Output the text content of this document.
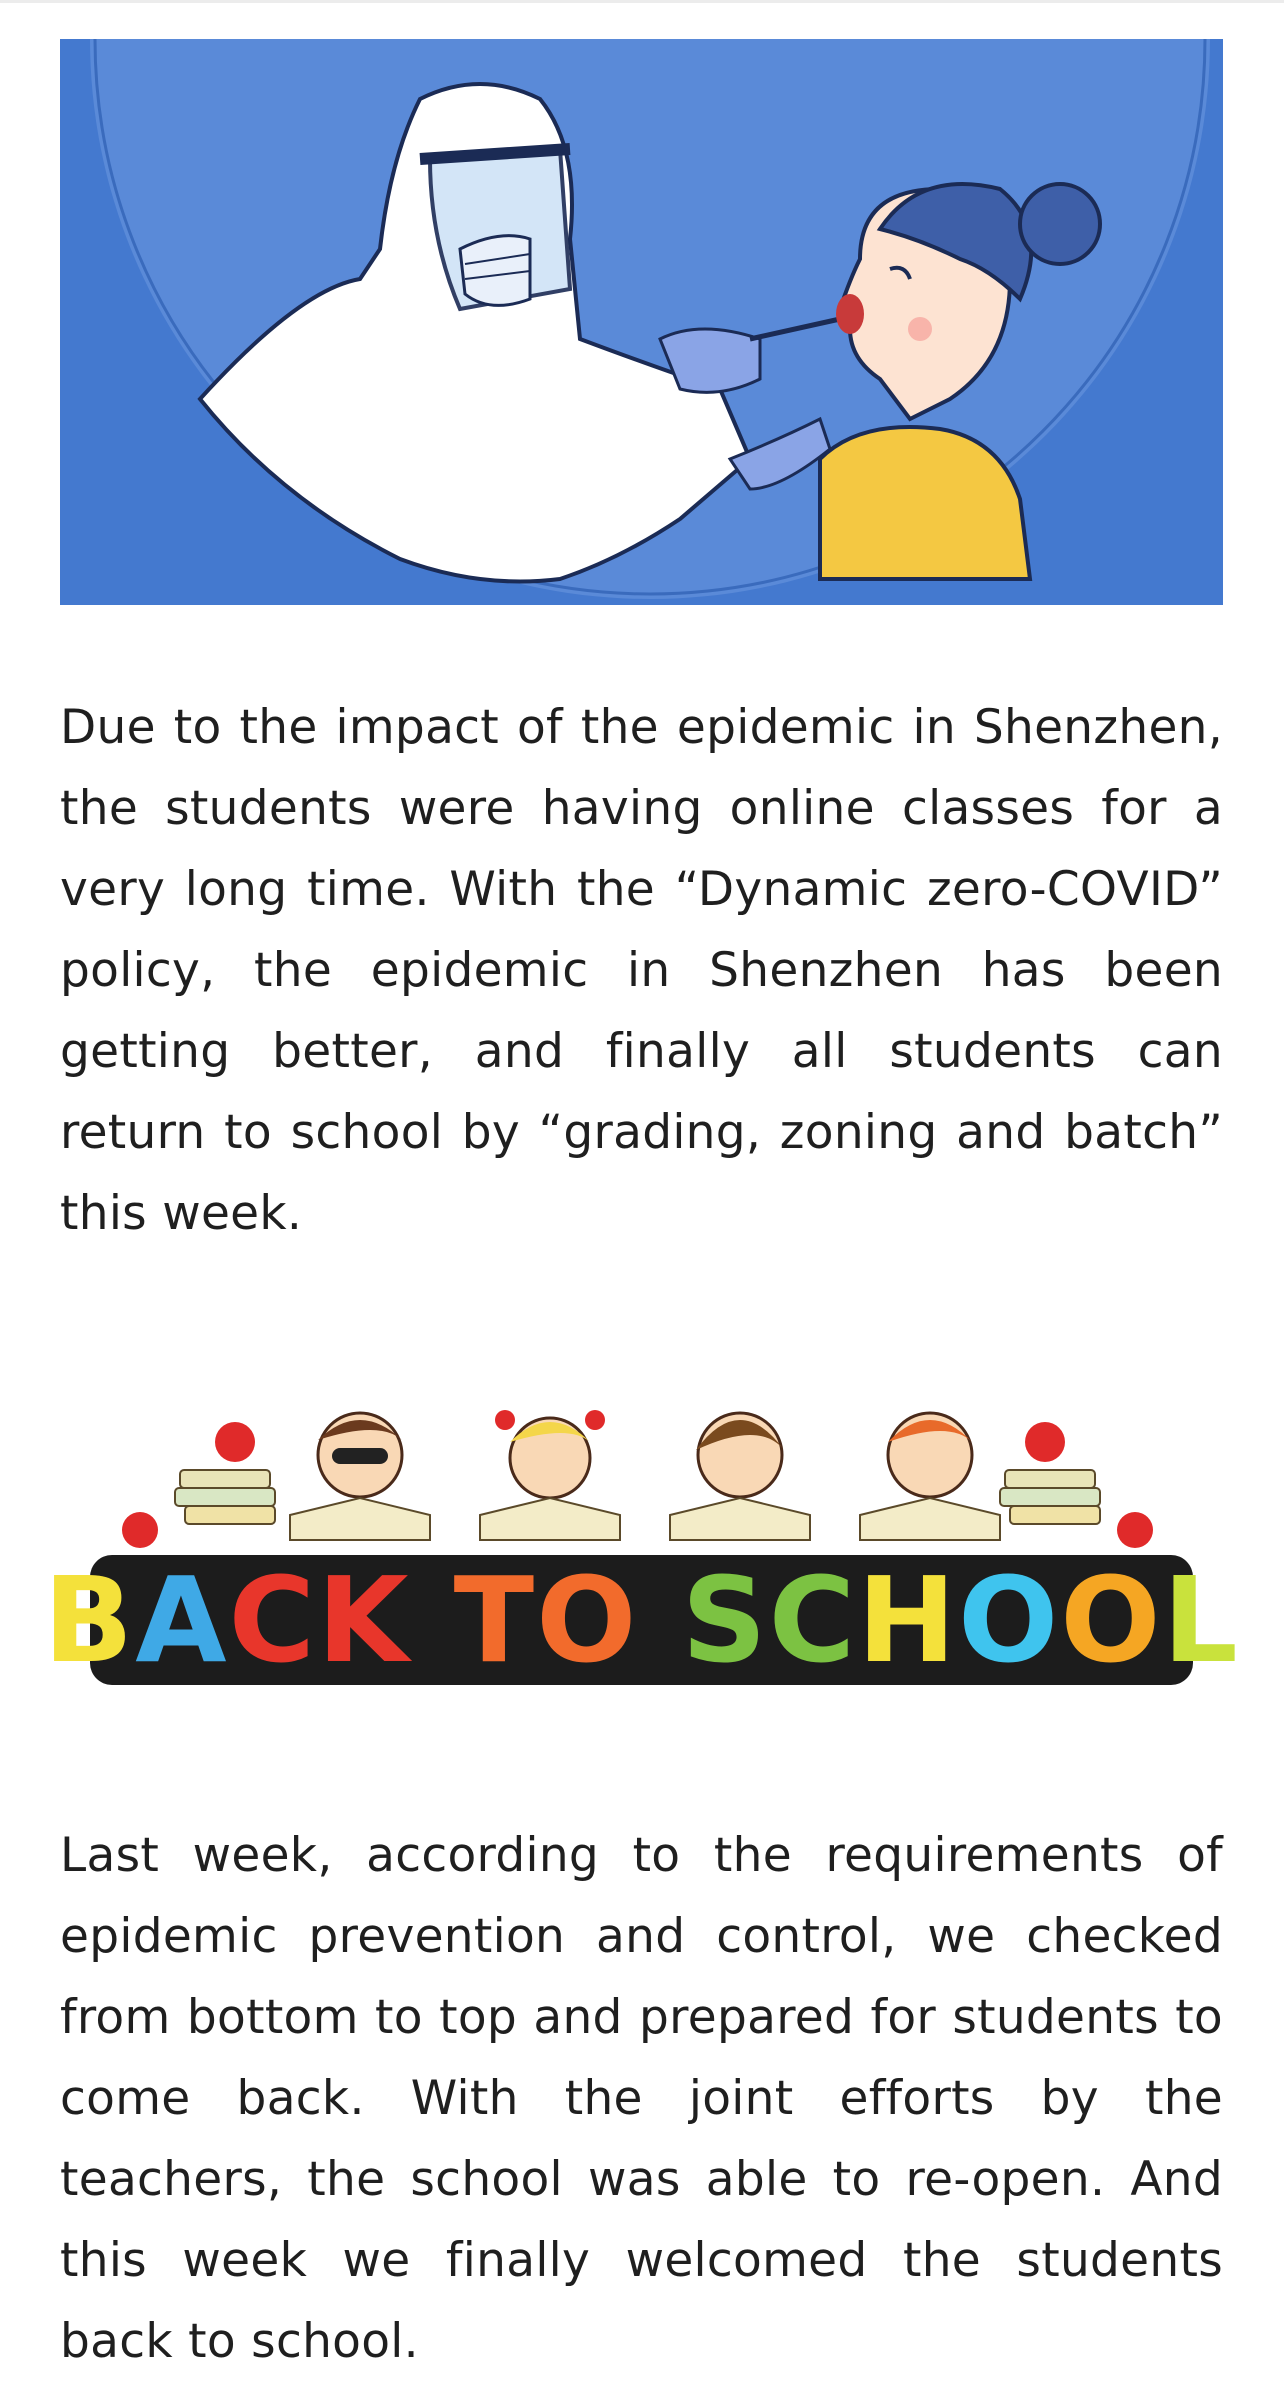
Due to the impact of the epidemic in Shenzhen, the students were having online classes for a very long time. With the “Dynamic zero-COVID” policy, the epidemic in Shenzhen has been getting better, and finally all students can return to school by “grading, zoning and batch” this week.

B A C K
T O
S C H O O L

Last week, according to the requirements of epidemic prevention and control, we checked from bottom to top and prepared for students to come back. With the joint efforts by the teachers, the school was able to re-open. And this week we finally welcomed the students back to school.
